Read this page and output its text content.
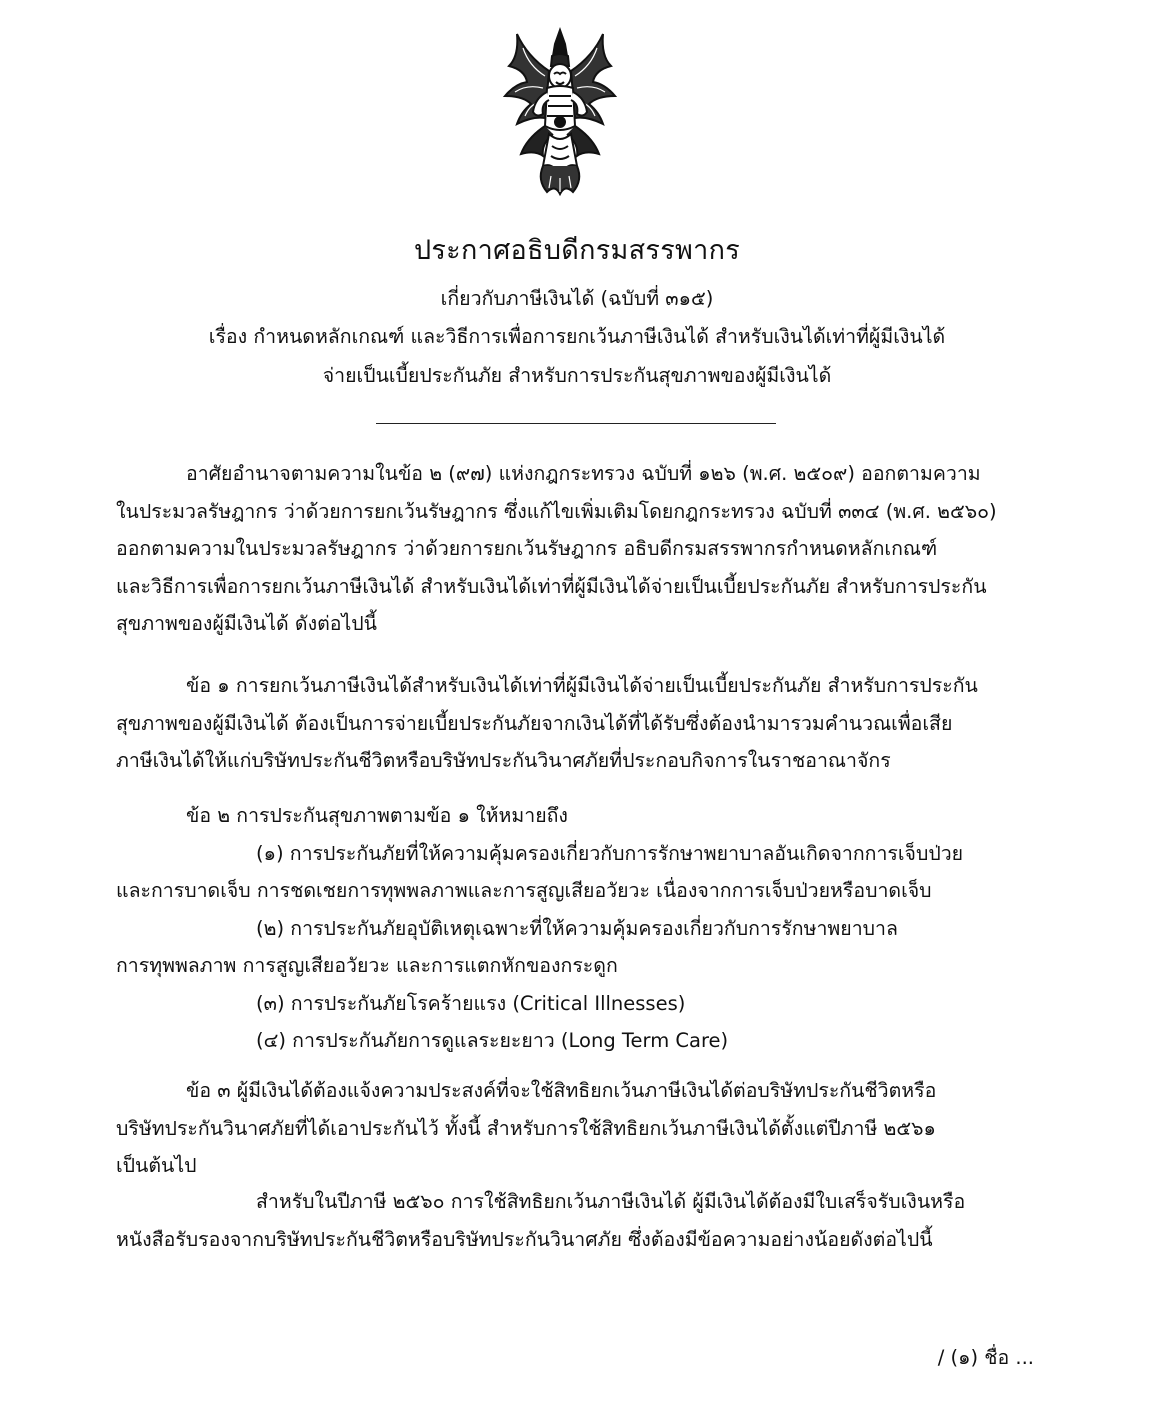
ประกาศอธิบดีกรมสรรพากร
เกี่ยวกับภาษีเงินได้ (ฉบับที่ ๓๑๕)
เรื่อง กำหนดหลักเกณฑ์ และวิธีการเพื่อการยกเว้นภาษีเงินได้ สำหรับเงินได้เท่าที่ผู้มีเงินได้
จ่ายเป็นเบี้ยประกันภัย สำหรับการประกันสุขภาพของผู้มีเงินได้
อาศัยอำนาจตามความในข้อ ๒ (๙๗) แห่งกฎกระทรวง ฉบับที่ ๑๒๖ (พ.ศ. ๒๕๐๙) ออกตามความ
ในประมวลรัษฎากร ว่าด้วยการยกเว้นรัษฎากร ซึ่งแก้ไขเพิ่มเติมโดยกฎกระทรวง ฉบับที่ ๓๓๔ (พ.ศ. ๒๕๖๐)
ออกตามความในประมวลรัษฎากร ว่าด้วยการยกเว้นรัษฎากร อธิบดีกรมสรรพากรกำหนดหลักเกณฑ์
และวิธีการเพื่อการยกเว้นภาษีเงินได้ สำหรับเงินได้เท่าที่ผู้มีเงินได้จ่ายเป็นเบี้ยประกันภัย สำหรับการประกัน
สุขภาพของผู้มีเงินได้ ดังต่อไปนี้
ข้อ ๑ การยกเว้นภาษีเงินได้สำหรับเงินได้เท่าที่ผู้มีเงินได้จ่ายเป็นเบี้ยประกันภัย สำหรับการประกัน
สุขภาพของผู้มีเงินได้ ต้องเป็นการจ่ายเบี้ยประกันภัยจากเงินได้ที่ได้รับซึ่งต้องนำมารวมคำนวณเพื่อเสีย
ภาษีเงินได้ให้แก่บริษัทประกันชีวิตหรือบริษัทประกันวินาศภัยที่ประกอบกิจการในราชอาณาจักร
ข้อ ๒ การประกันสุขภาพตามข้อ ๑ ให้หมายถึง
(๑) การประกันภัยที่ให้ความคุ้มครองเกี่ยวกับการรักษาพยาบาลอันเกิดจากการเจ็บป่วย
และการบาดเจ็บ การชดเชยการทุพพลภาพและการสูญเสียอวัยวะ เนื่องจากการเจ็บป่วยหรือบาดเจ็บ
(๒) การประกันภัยอุบัติเหตุเฉพาะที่ให้ความคุ้มครองเกี่ยวกับการรักษาพยาบาล
การทุพพลภาพ การสูญเสียอวัยวะ และการแตกหักของกระดูก
(๓) การประกันภัยโรคร้ายแรง (Critical Illnesses)
(๔) การประกันภัยการดูแลระยะยาว (Long Term Care)
ข้อ ๓ ผู้มีเงินได้ต้องแจ้งความประสงค์ที่จะใช้สิทธิยกเว้นภาษีเงินได้ต่อบริษัทประกันชีวิตหรือ
บริษัทประกันวินาศภัยที่ได้เอาประกันไว้ ทั้งนี้ สำหรับการใช้สิทธิยกเว้นภาษีเงินได้ตั้งแต่ปีภาษี ๒๕๖๑
เป็นต้นไป
สำหรับในปีภาษี ๒๕๖๐ การใช้สิทธิยกเว้นภาษีเงินได้ ผู้มีเงินได้ต้องมีใบเสร็จรับเงินหรือ
หนังสือรับรองจากบริษัทประกันชีวิตหรือบริษัทประกันวินาศภัย ซึ่งต้องมีข้อความอย่างน้อยดังต่อไปนี้
/ (๑) ชื่อ ...
